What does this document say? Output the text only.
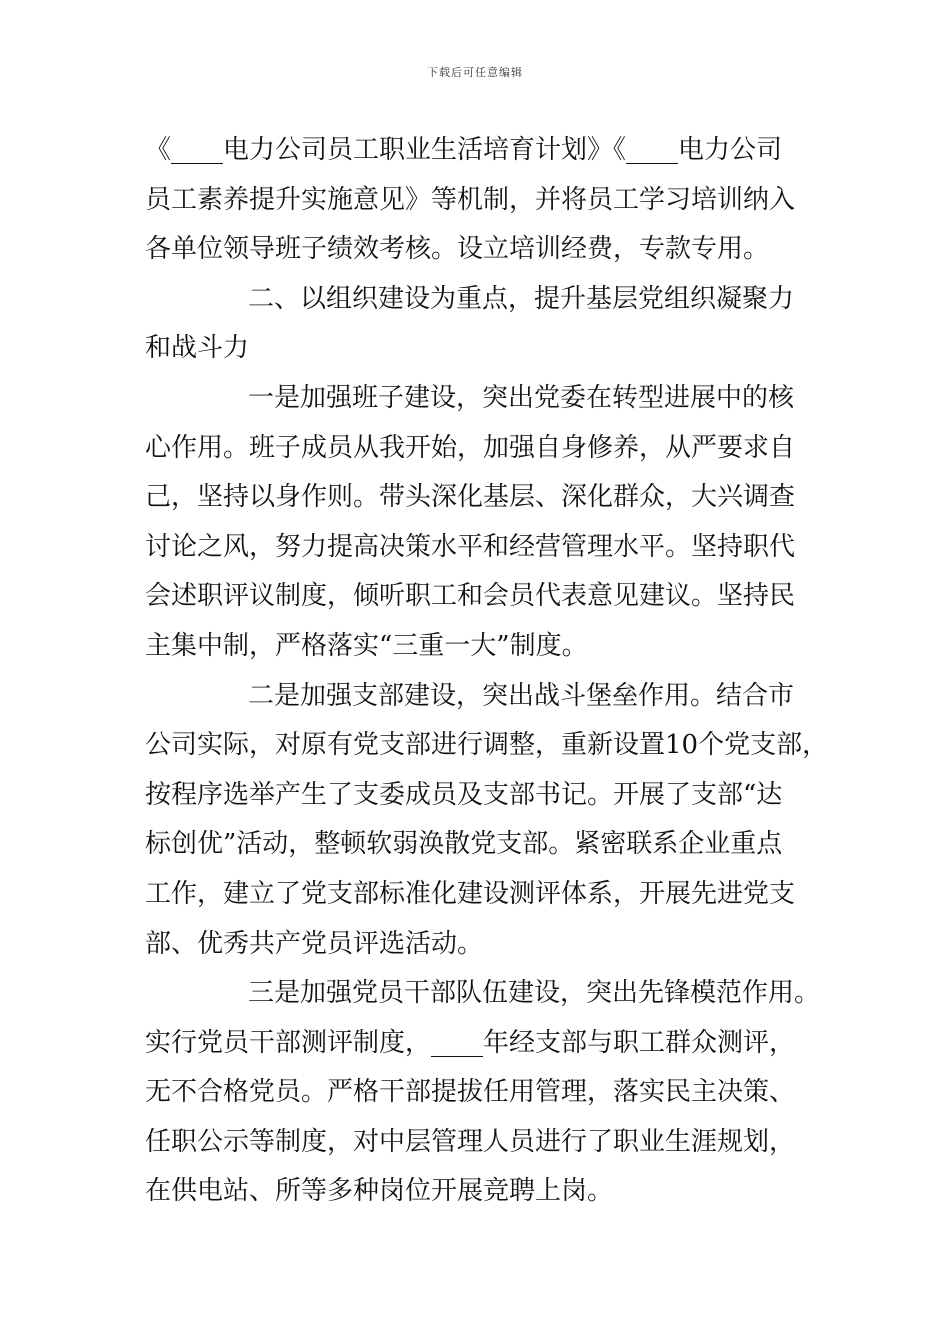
下载后可任意编辑
《____电力公司员工职业生活培育计划》《____电力公司
员工素养提升实施意见》等机制，并将员工学习培训纳入
各单位领导班子绩效考核。设立培训经费，专款专用。
二、以组织建设为重点，提升基层党组织凝聚力
和战斗力
一是加强班子建设，突出党委在转型进展中的核
心作用。班子成员从我开始，加强自身修养，从严要求自
己，坚持以身作则。带头深化基层、深化群众，大兴调查
讨论之风，努力提高决策水平和经营管理水平。坚持职代
会述职评议制度，倾听职工和会员代表意见建议。坚持民
主集中制，严格落实“三重一大”制度。
二是加强支部建设，突出战斗堡垒作用。结合市
公司实际，对原有党支部进行调整，重新设置10个党支部，
按程序选举产生了支委成员及支部书记。开展了支部“达
标创优”活动，整顿软弱涣散党支部。紧密联系企业重点
工作，建立了党支部标准化建设测评体系，开展先进党支
部、优秀共产党员评选活动。
三是加强党员干部队伍建设，突出先锋模范作用。
实行党员干部测评制度，____年经支部与职工群众测评，
无不合格党员。严格干部提拔任用管理，落实民主决策、
任职公示等制度，对中层管理人员进行了职业生涯规划，
在供电站、所等多种岗位开展竞聘上岗。
